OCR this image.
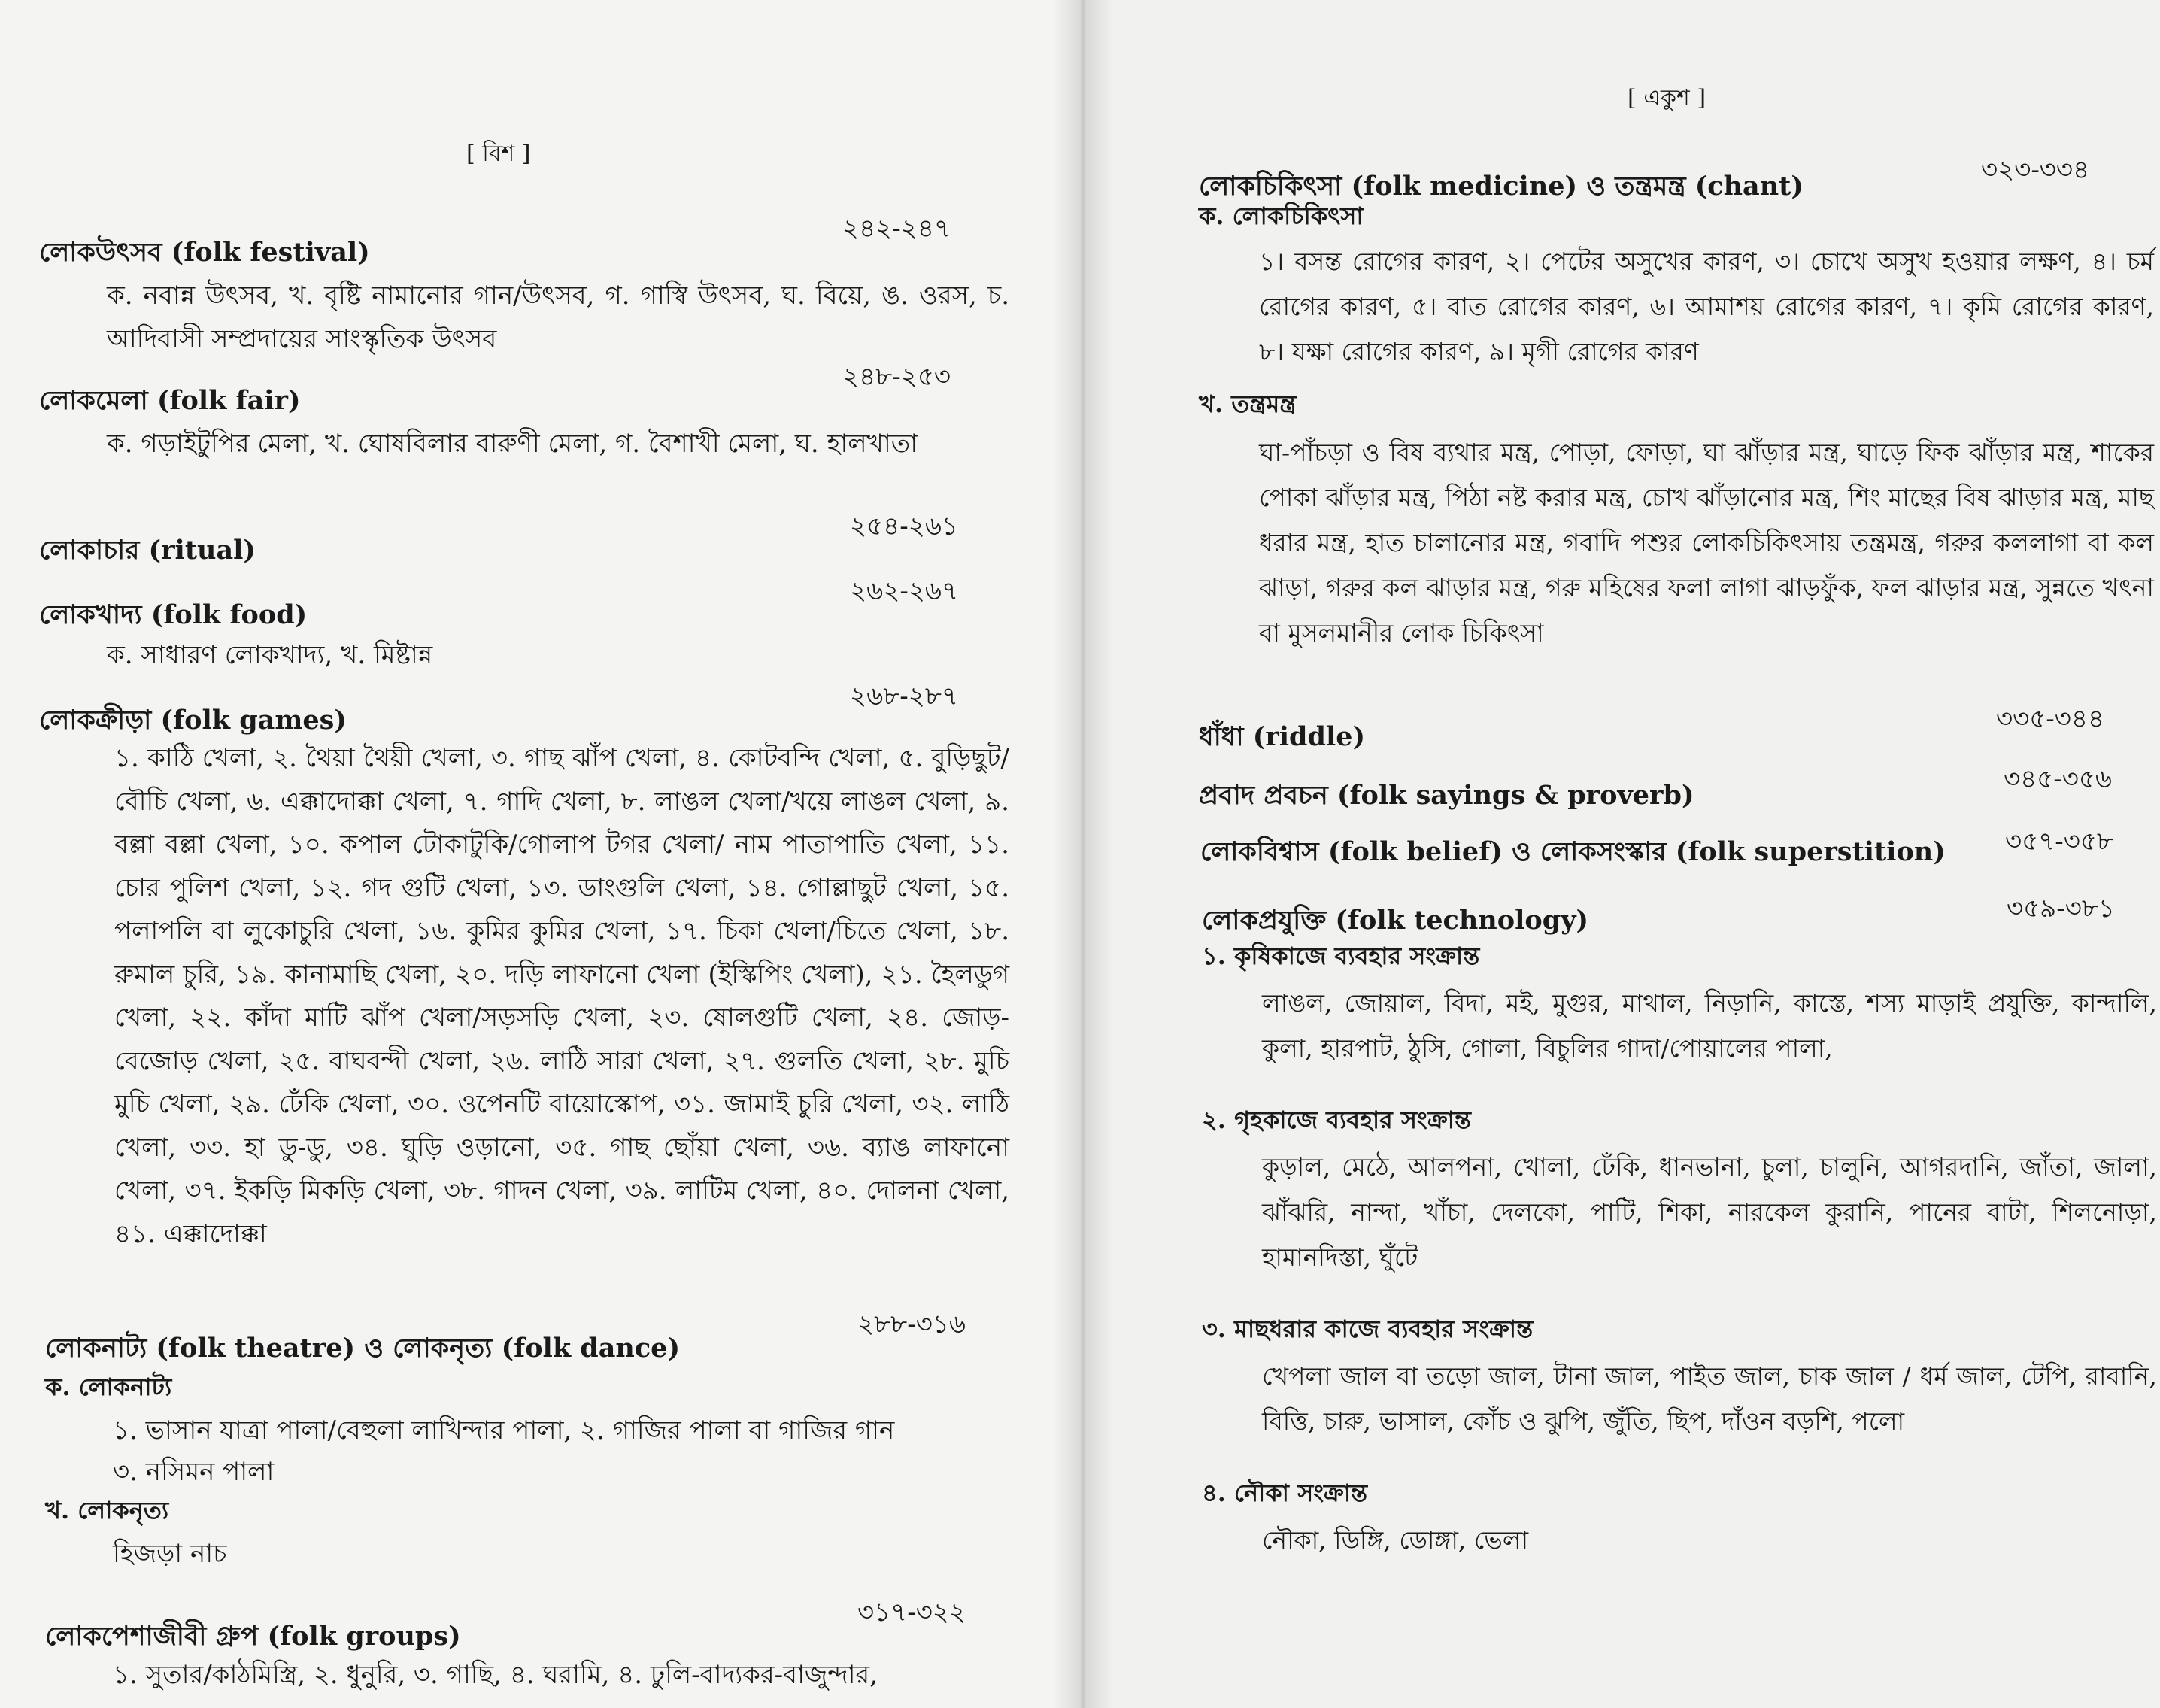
[ বিশ ]
লোকউৎসব (folk festival)
২৪২-২৪৭
ক. নবান্ন উৎসব, খ. বৃষ্টি নামানোর গান/উৎসব, গ. গাস্বি উৎসব, ঘ. বিয়ে, ঙ. ওরস, চ. আদিবাসী সম্প্রদায়ের সাংস্কৃতিক উৎসব
লোকমেলা (folk fair)
২৪৮-২৫৩
ক. গড়াইটুপির মেলা, খ. ঘোষবিলার বারুণী মেলা, গ. বৈশাখী মেলা, ঘ. হালখাতা
লোকাচার (ritual)
২৫৪-২৬১
লোকখাদ্য (folk food)
২৬২-২৬৭
ক. সাধারণ লোকখাদ্য, খ. মিষ্টান্ন
লোকক্রীড়া (folk games)
২৬৮-২৮৭
১. কাঠি খেলা, ২. থৈয়া থৈয়ী খেলা, ৩. গাছ ঝাঁপ খেলা, ৪. কোটবন্দি খেলা, ৫. বুড়িছুট/বৌচি খেলা, ৬. এক্কাদোক্কা খেলা, ৭. গাদি খেলা, ৮. লাঙল খেলা/খয়ে লাঙল খেলা, ৯. বল্লা বল্লা খেলা, ১০. কপাল টোকাটুকি/গোলাপ টগর খেলা/ নাম পাতাপাতি খেলা, ১১. চোর পুলিশ খেলা, ১২. গদ গুটি খেলা, ১৩. ডাংগুলি খেলা, ১৪. গোল্লাছুট খেলা, ১৫. পলাপলি বা লুকোচুরি খেলা, ১৬. কুমির কুমির খেলা, ১৭. চিকা খেলা/চিতে খেলা, ১৮. রুমাল চুরি, ১৯. কানামাছি খেলা, ২০. দড়ি লাফানো খেলা (ইস্কিপিং খেলা), ২১. হৈলডুগ খেলা, ২২. কাঁদা মাটি ঝাঁপ খেলা/সড়সড়ি খেলা, ২৩. ষোলগুটি খেলা, ২৪. জোড়-বেজোড় খেলা, ২৫. বাঘবন্দী খেলা, ২৬. লাঠি সারা খেলা, ২৭. গুলতি খেলা, ২৮. মুচি মুচি খেলা, ২৯. ঢেঁকি খেলা, ৩০. ওপেনটি বায়োস্কোপ, ৩১. জামাই চুরি খেলা, ৩২. লাঠি খেলা, ৩৩. হা ডু-ডু, ৩৪. ঘুড়ি ওড়ানো, ৩৫. গাছ ছোঁয়া খেলা, ৩৬. ব্যাঙ লাফানো খেলা, ৩৭. ইকড়ি মিকড়ি খেলা, ৩৮. গাদন খেলা, ৩৯. লাটিম খেলা, ৪০. দোলনা খেলা, ৪১. এক্কাদোক্কা
লোকনাট্য (folk theatre) ও লোকনৃত্য (folk dance)
২৮৮-৩১৬
ক. লোকনাট্য
১. ভাসান যাত্রা পালা/বেহুলা লাখিন্দার পালা, ২. গাজির পালা বা গাজির গান
৩. নসিমন পালা
খ. লোকনৃত্য
হিজড়া নাচ
লোকপেশাজীবী গ্রুপ (folk groups)
৩১৭-৩২২
১. সুতার/কাঠমিস্ত্রি, ২. ধুনুরি, ৩. গাছি, ৪. ঘরামি, ৪. ঢুলি-বাদ্যকর-বাজুন্দার,
[ একুশ ]
লোকচিকিৎসা (folk medicine) ও তন্ত্রমন্ত্র (chant)
৩২৩-৩৩৪
ক. লোকচিকিৎসা
১। বসন্ত রোগের কারণ, ২। পেটের অসুখের কারণ, ৩। চোখে অসুখ হওয়ার লক্ষণ, ৪। চর্ম রোগের কারণ, ৫। বাত রোগের কারণ, ৬। আমাশয় রোগের কারণ, ৭। কৃমি রোগের কারণ, ৮। যক্ষা রোগের কারণ, ৯। মৃগী রোগের কারণ
খ. তন্ত্রমন্ত্র
ঘা-পাঁচড়া ও বিষ ব্যথার মন্ত্র, পোড়া, ফোড়া, ঘা ঝাঁড়ার মন্ত্র, ঘাড়ে ফিক ঝাঁড়ার মন্ত্র, শাকের পোকা ঝাঁড়ার মন্ত্র, পিঠা নষ্ট করার মন্ত্র, চোখ ঝাঁড়ানোর মন্ত্র, শিং মাছের বিষ ঝাড়ার মন্ত্র, মাছ ধরার মন্ত্র, হাত চালানোর মন্ত্র, গবাদি পশুর লোকচিকিৎসায় তন্ত্রমন্ত্র, গরুর কললাগা বা কল ঝাড়া, গরুর কল ঝাড়ার মন্ত্র, গরু মহিষের ফলা লাগা ঝাড়ফুঁক, ফল ঝাড়ার মন্ত্র, সুন্নতে খৎনা বা মুসলমানীর লোক চিকিৎসা
ধাঁধা (riddle)
৩৩৫-৩৪৪
প্রবাদ প্রবচন (folk sayings & proverb)
৩৪৫-৩৫৬
লোকবিশ্বাস (folk belief) ও লোকসংস্কার (folk superstition) ৩৫৭-৩৫৮
লোকপ্রযুক্তি (folk technology)	৩৫৯-৩৮১
১. কৃষিকাজে ব্যবহার সংক্রান্ত
লাঙল, জোয়াল, বিদা, মই, মুগুর, মাথাল, নিড়ানি, কাস্তে, শস্য মাড়াই প্রযুক্তি, কান্দালি, কুলা, হারপাট, ঠুসি, গোলা, বিচুলির গাদা/পোয়ালের পালা,
২. গৃহকাজে ব্যবহার সংক্রান্ত
কুড়াল, মেঠে, আলপনা, খোলা, ঢেঁকি, ধানভানা, চুলা, চালুনি, আগরদানি, জাঁতা, জালা, ঝাঁঝরি, নান্দা, খাঁচা, দেলকো, পাটি, শিকা, নারকেল কুরানি, পানের বাটা, শিলনোড়া, হামানদিস্তা, ঘুঁটে
৩. মাছধরার কাজে ব্যবহার সংক্রান্ত
খেপলা জাল বা তড়ো জাল, টানা জাল, পাইত জাল, চাক জাল / ধর্ম জাল, টেপি, রাবানি, বিত্তি, চারু, ভাসাল, কোঁচ ও ঝুপি, জুঁতি, ছিপ, দাঁওন বড়শি, পলো
৪. নৌকা সংক্রান্ত
নৌকা, ডিঙ্গি, ডোঙ্গা, ভেলা
